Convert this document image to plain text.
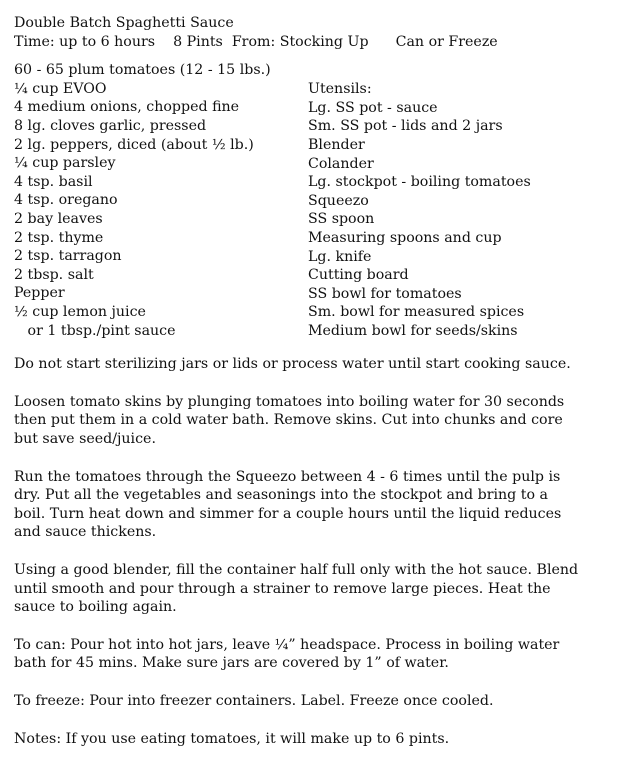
Double Batch Spaghetti Sauce
Time: up to 6 hours    8 Pints  From: Stocking Up      Can or Freeze
60 - 65 plum tomatoes (12 - 15 lbs.)
¼ cup EVOO
4 medium onions, chopped fine
8 lg. cloves garlic, pressed
2 lg. peppers, diced (about ½ lb.)
¼ cup parsley
4 tsp. basil
4 tsp. oregano
2 bay leaves
2 tsp. thyme
2 tsp. tarragon
2 tbsp. salt
Pepper
½ cup lemon juice
or 1 tbsp./pint sauce
Utensils:
Lg. SS pot - sauce
Sm. SS pot - lids and 2 jars
Blender
Colander
Lg. stockpot - boiling tomatoes
Squeezo
SS spoon
Measuring spoons and cup
Lg. knife
Cutting board
SS bowl for tomatoes
Sm. bowl for measured spices
Medium bowl for seeds/skins

Do not start sterilizing jars or lids or process water until start cooking sauce.

Loosen tomato skins by plunging tomatoes into boiling water for 30 seconds
then put them in a cold water bath. Remove skins. Cut into chunks and core
but save seed/juice.

Run the tomatoes through the Squeezo between 4 - 6 times until the pulp is
dry. Put all the vegetables and seasonings into the stockpot and bring to a
boil. Turn heat down and simmer for a couple hours until the liquid reduces
and sauce thickens.

Using a good blender, fill the container half full only with the hot sauce. Blend
until smooth and pour through a strainer to remove large pieces. Heat the
sauce to boiling again.

To can: Pour hot into hot jars, leave ¼” headspace. Process in boiling water
bath for 45 mins. Make sure jars are covered by 1” of water.

To freeze: Pour into freezer containers. Label. Freeze once cooled.

Notes: If you use eating tomatoes, it will make up to 6 pints.
